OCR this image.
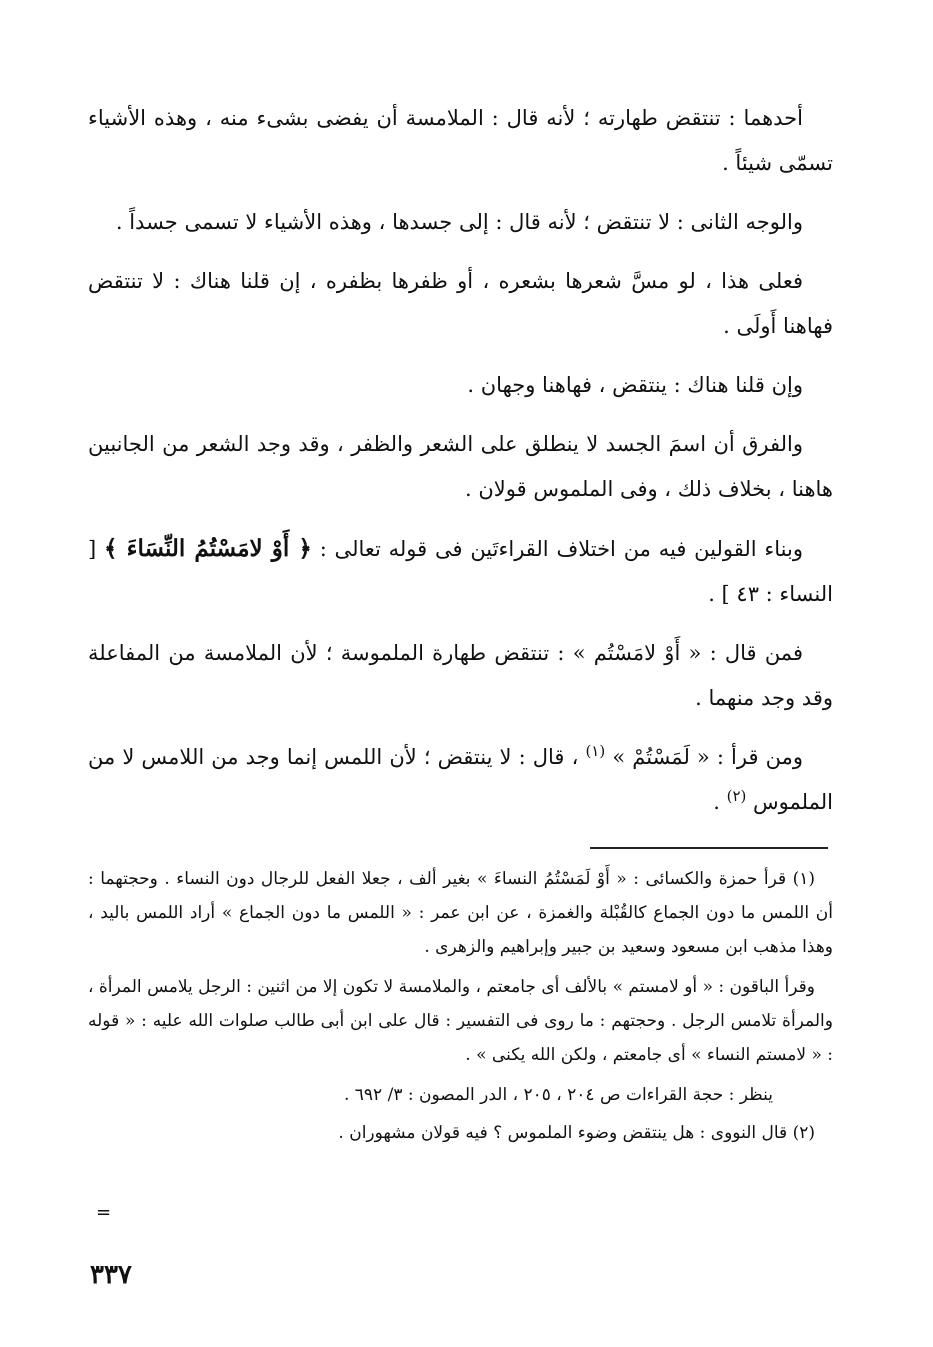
أحدهما : تنتقض طهارته ؛ لأنه قال : الملامسة أن يفضى بشىء منه ، وهذه الأشياء تسمّى شيئاً .

والوجه الثانى : لا تنتقض ؛ لأنه قال : إلى جسدها ، وهذه الأشياء لا تسمى جسداً .

فعلى هذا ، لو مسَّ شعرها بشعره ، أو ظفرها بظفره ، إن قلنا هناك : لا تنتقض فهاهنا أَولَى .

وإن قلنا هناك : ينتقض ، فهاهنا وجهان .

والفرق أن اسمَ الجسد لا ينطلق على الشعر والظفر ، وقد وجد الشعر من الجانبين هاهنا ، بخلاف ذلك ، وفى الملموس قولان .

وبناء القولين فيه من اختلاف القراءتَين فى قوله تعالى : ﴿ أَوْ لامَسْتُمُ النِّسَاءَ ﴾ [ النساء : ٤٣ ] .

فمن قال : « أَوْ لامَسْتُم » : تنتقض طهارة الملموسة ؛ لأن الملامسة من المفاعلة وقد وجد منهما .

ومن قرأ : « لَمَسْتُمْ » $^{(١)}$ ، قال : لا ينتقض ؛ لأن اللمس إنما وجد من اللامس لا من الملموس $^{(٢)}$ .

(١) قرأ حمزة والكسائى : « أَوْ لَمَسْتُمُ النساءَ » بغير ألف ، جعلا الفعل للرجال دون النساء . وحجتهما : أن اللمس ما دون الجماع كالقُبْلة والغمزة ، عن ابن عمر : « اللمس ما دون الجماع » أراد اللمس باليد ، وهذا مذهب ابن مسعود وسعيد بن جبير وإبراهيم والزهرى .

وقرأ الباقون : « أو لامستم » بالألف أى جامعتم ، والملامسة لا تكون إلا من اثنين : الرجل يلامس المرأة ، والمرأة تلامس الرجل . وحجتهم : ما روى فى التفسير : قال على ابن أبى طالب صلوات الله عليه : « قوله : « لامستم النساء » أى جامعتم ، ولكن الله يكنى » .

ينظر : حجة القراءات ص ٢٠٤ ، ٢٠٥ ، الدر المصون : ٣/ ٦٩٢ .

(٢) قال النووى : هل ينتقض وضوء الملموس ؟ فيه قولان مشهوران .

=
٣٣٧
